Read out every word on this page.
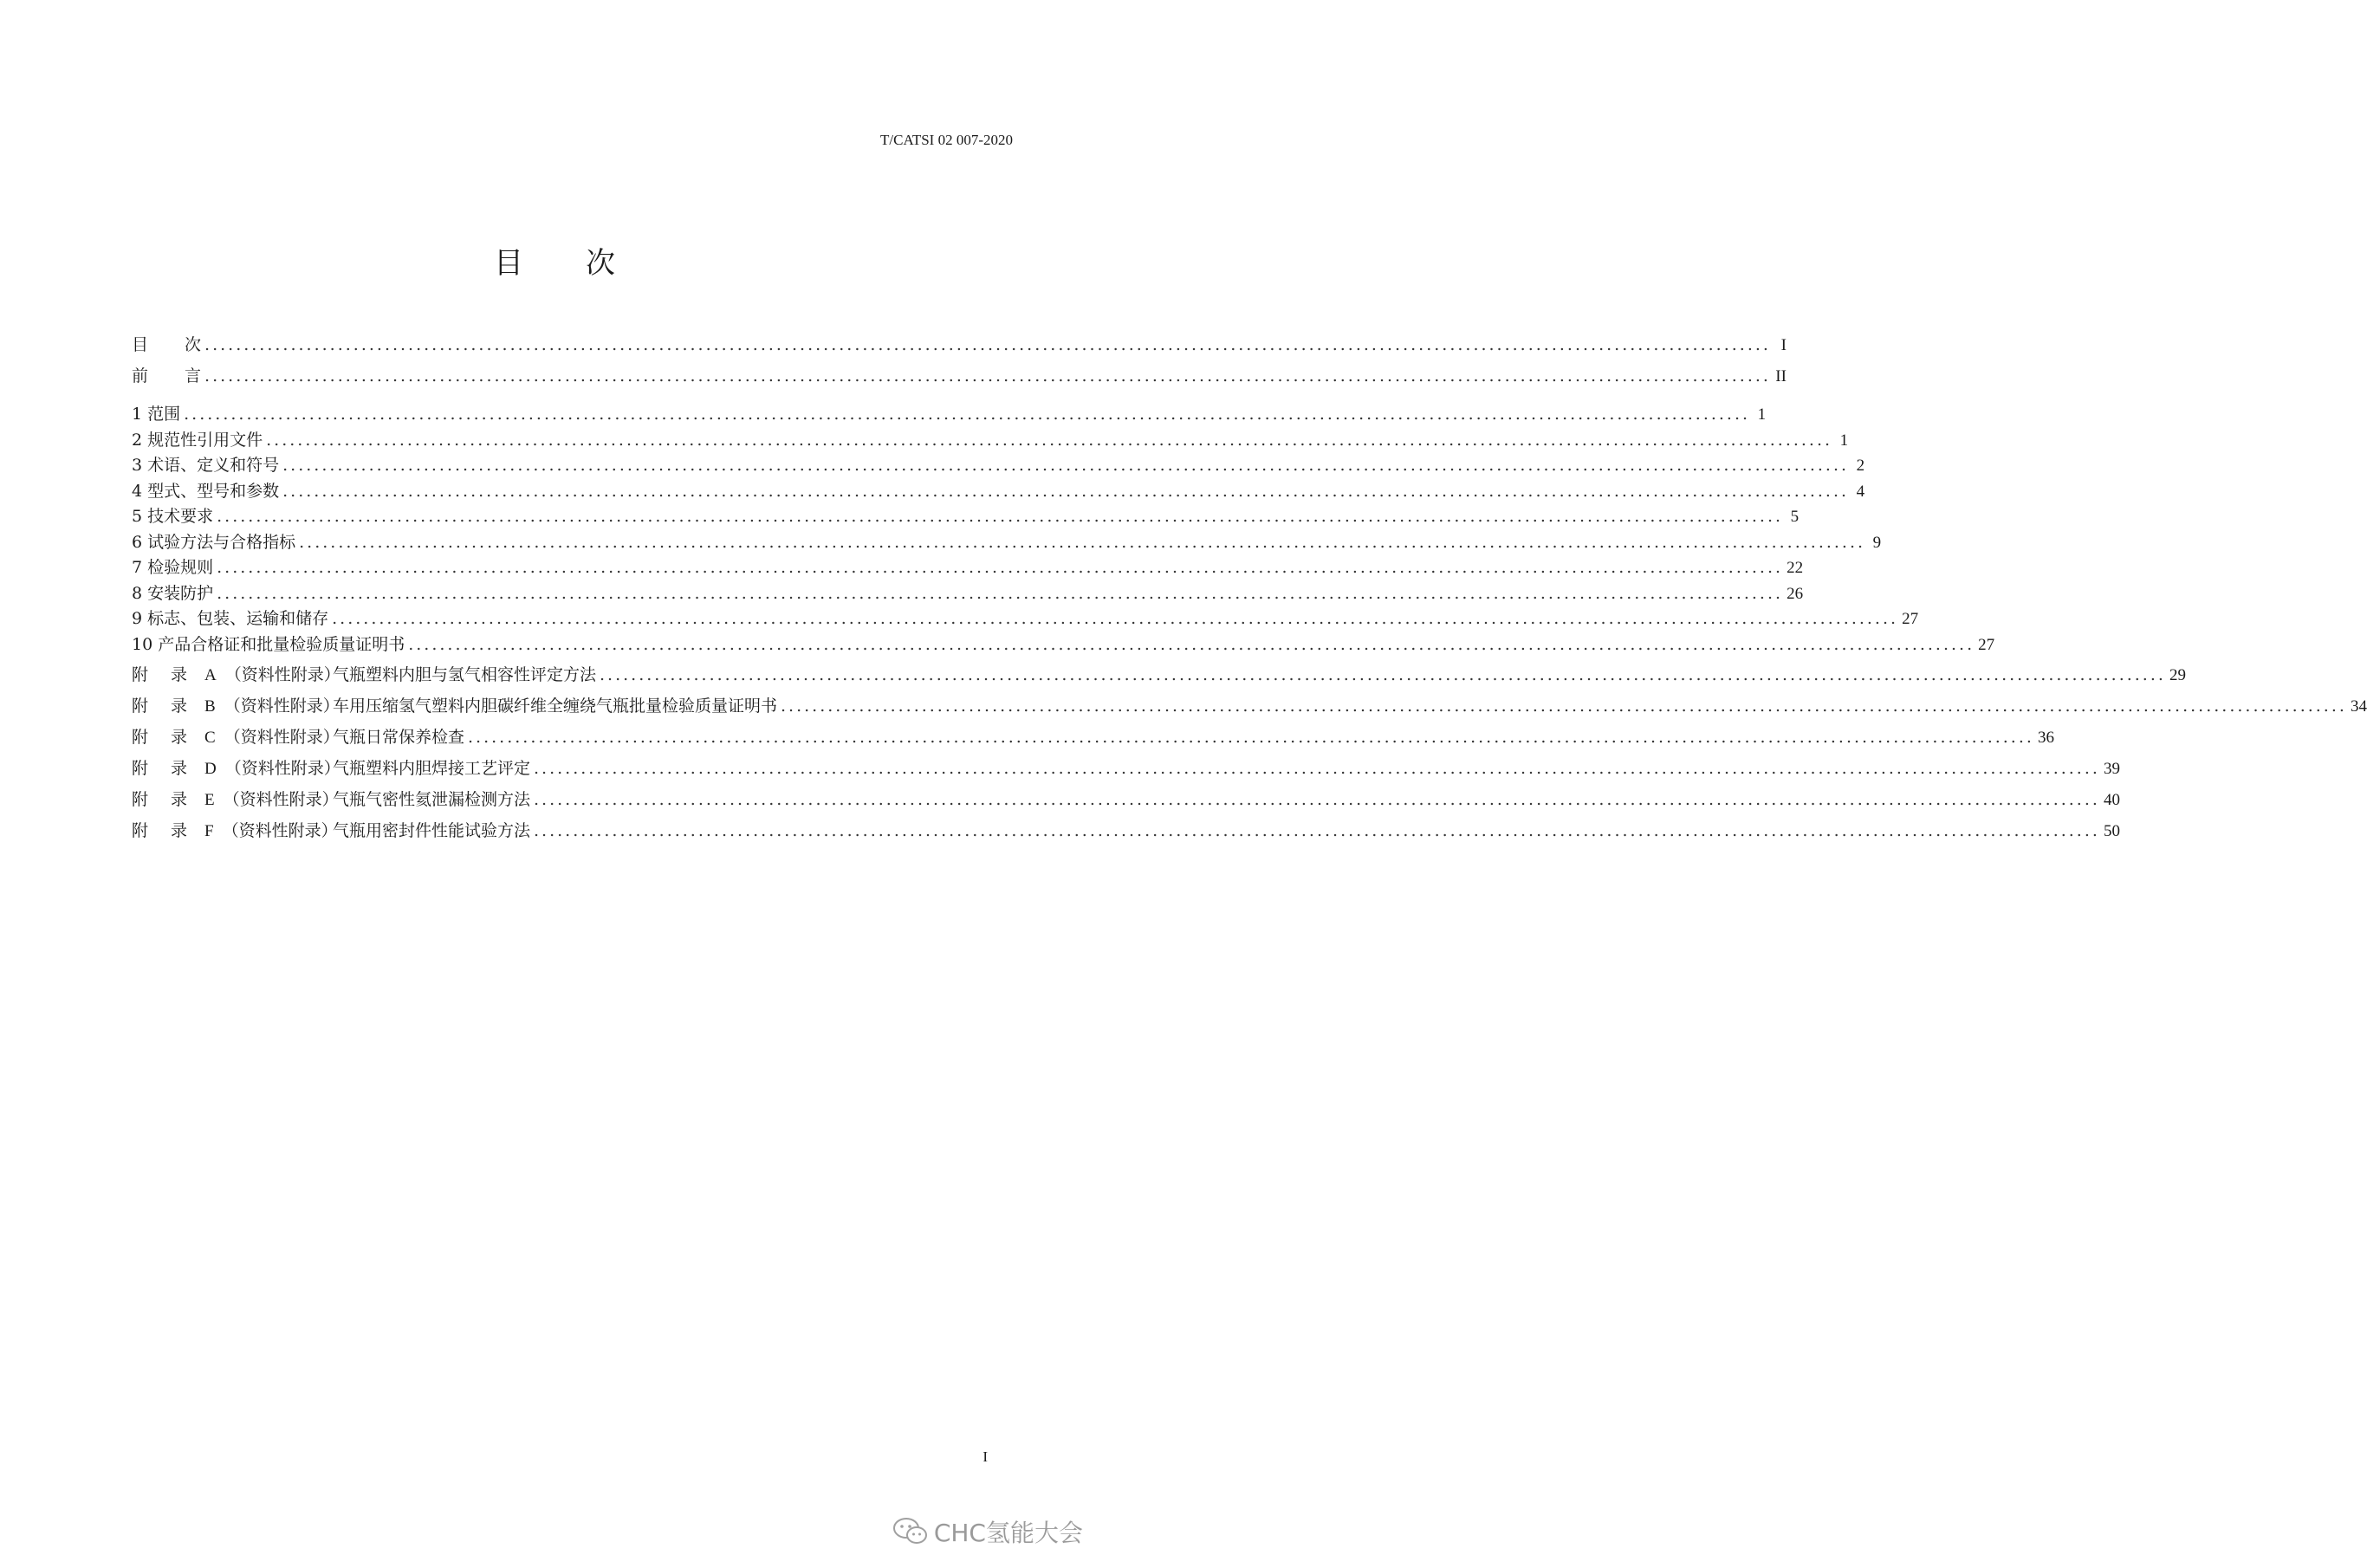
T/CATSI 02 007-2020
目 次
目 次 ........................................................................................................................................................................................................ I
前 言 ........................................................................................................................................................................................................ II
1 范围 ........................................................................................................................................................................................................ 1
2 规范性引用文件 ........................................................................................................................................................................................................ 1
3 术语、定义和符号 ........................................................................................................................................................................................................ 2
4 型式、型号和参数 ........................................................................................................................................................................................................ 4
5 技术要求 ........................................................................................................................................................................................................ 5
6 试验方法与合格指标 ........................................................................................................................................................................................................ 9
7 检验规则 ........................................................................................................................................................................................................ 22
8 安装防护 ........................................................................................................................................................................................................ 26
9 标志、包装、运输和储存 ........................................................................................................................................................................................................ 27
10 产品合格证和批量检验质量证明书 ........................................................................................................................................................................................................ 27
附 录 A （资料性附录）气瓶塑料内胆与氢气相容性评定方法 ........................................................................................................................................................................................................ 29
附 录 B （资料性附录）车用压缩氢气塑料内胆碳纤维全缠绕气瓶批量检验质量证明书 ........................................................................................................................................................................................................ 34
附 录 C （资料性附录）气瓶日常保养检查 ........................................................................................................................................................................................................ 36
附 录 D （资料性附录）气瓶塑料内胆焊接工艺评定 ........................................................................................................................................................................................................ 39
附 录 E （资料性附录）气瓶气密性氦泄漏检测方法 ........................................................................................................................................................................................................ 40
附 录 F （资料性附录）气瓶用密封件性能试验方法 ........................................................................................................................................................................................................ 50
I
CHC氢能大会
